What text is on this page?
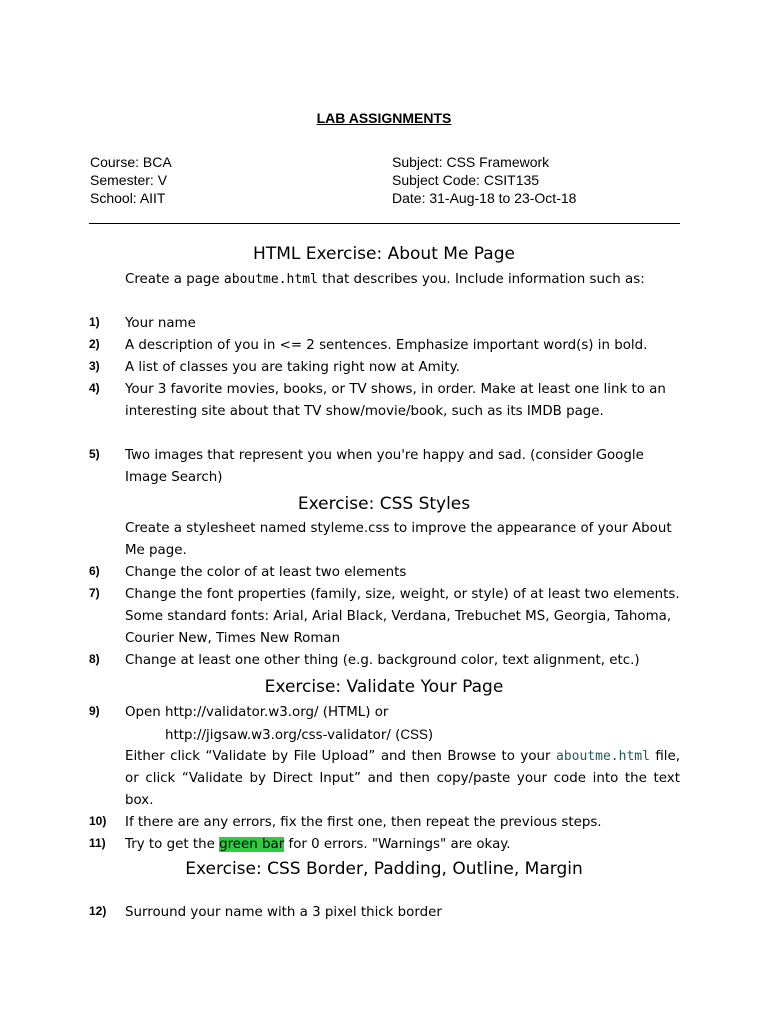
LAB ASSIGNMENTS
Course: BCA
Semester: V
School: AIIT
Subject: CSS Framework
Subject Code: CSIT135
Date: 31-Aug-18 to 23-Oct-18
HTML Exercise: About Me Page
Create a page aboutme.html that describes you. Include information such as:
1) Your name
2) A description of you in <= 2 sentences. Emphasize important word(s) in bold.
3) A list of classes you are taking right now at Amity.
4) Your 3 favorite movies, books, or TV shows, in order. Make at least one link to an interesting site about that TV show/movie/book, such as its IMDB page.
5) Two images that represent you when you're happy and sad. (consider Google Image Search)
Exercise: CSS Styles
Create a stylesheet named styleme.css to improve the appearance of your About Me page.
6) Change the color of at least two elements
7) Change the font properties (family, size, weight, or style) of at least two elements. Some standard fonts: Arial, Arial Black, Verdana, Trebuchet MS, Georgia, Tahoma, Courier New, Times New Roman
8) Change at least one other thing (e.g. background color, text alignment, etc.)
Exercise: Validate Your Page
9) Open http://validator.w3.org/ (HTML) or
http://jigsaw.w3.org/css-validator/ (CSS)
Either click “Validate by File Upload” and then Browse to your aboutme.html file, or click “Validate by Direct Input” and then copy/paste your code into the text box.
10) If there are any errors, fix the first one, then repeat the previous steps.
11) Try to get the green bar for 0 errors. "Warnings" are okay.
Exercise: CSS Border, Padding, Outline, Margin
12) Surround your name with a 3 pixel thick border
